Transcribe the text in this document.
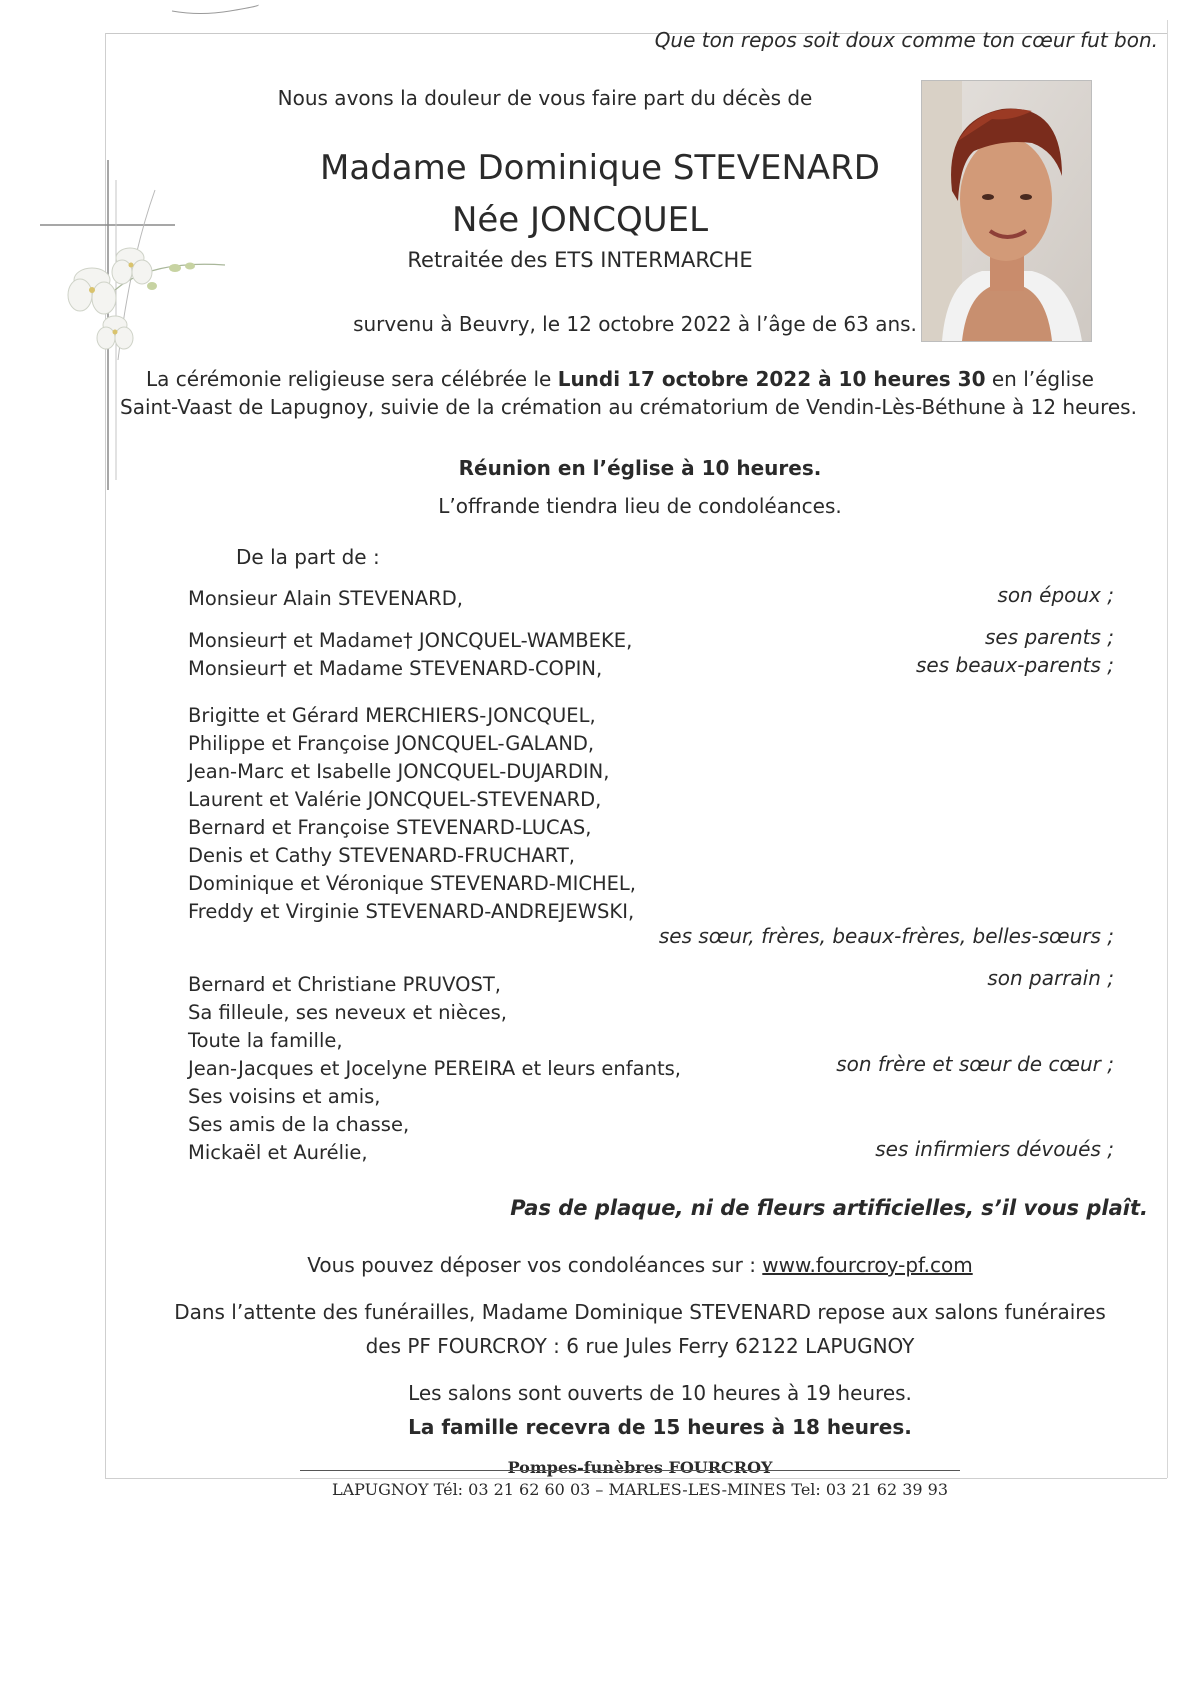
Que ton repos soit doux comme ton cœur fut bon.
Nous avons la douleur de vous faire part du décès de
Madame Dominique STEVENARD
Née JONCQUEL
Retraitée des ETS INTERMARCHE
survenu à Beuvry, le 12 octobre 2022 à l’âge de 63 ans.
La cérémonie religieuse sera célébrée le Lundi 17 octobre 2022 à 10 heures 30 en l’église
Saint-Vaast de Lapugnoy, suivie de la crémation au crématorium de Vendin-Lès-Béthune à 12 heures.
Réunion en l’église à 10 heures.
L’offrande tiendra lieu de condoléances.
De la part de :
Monsieur Alain STEVENARD,
Monsieur† et Madame† JONCQUEL-WAMBEKE,
Monsieur† et Madame STEVENARD-COPIN,
Brigitte et Gérard MERCHIERS-JONCQUEL,
Philippe et Françoise JONCQUEL-GALAND,
Jean-Marc et Isabelle JONCQUEL-DUJARDIN,
Laurent et Valérie JONCQUEL-STEVENARD,
Bernard et Françoise STEVENARD-LUCAS,
Denis et Cathy STEVENARD-FRUCHART,
Dominique et Véronique STEVENARD-MICHEL,
Freddy et Virginie STEVENARD-ANDREJEWSKI,
Bernard et Christiane PRUVOST,
Sa filleule, ses neveux et nièces,
Toute la famille,
Jean-Jacques et Jocelyne PEREIRA et leurs enfants,
Ses voisins et amis,
Ses amis de la chasse,
Mickaël et Aurélie,
son époux ;
ses parents ;
ses beaux-parents ;
ses sœur, frères, beaux-frères, belles-sœurs ;
son parrain ;
son frère et sœur de cœur ;
ses infirmiers dévoués ;
Pas de plaque, ni de fleurs artificielles, s’il vous plaît.
Vous pouvez déposer vos condoléances sur : www.fourcroy-pf.com
Dans l’attente des funérailles, Madame Dominique STEVENARD repose aux salons funéraires
des PF FOURCROY : 6 rue Jules Ferry 62122 LAPUGNOY
Les salons sont ouverts de 10 heures à 19 heures.
La famille recevra de 15 heures à 18 heures.
Pompes-funèbres FOURCROY
LAPUGNOY Tél: 03 21 62 60 03 – MARLES-LES-MINES Tel: 03 21 62 39 93
